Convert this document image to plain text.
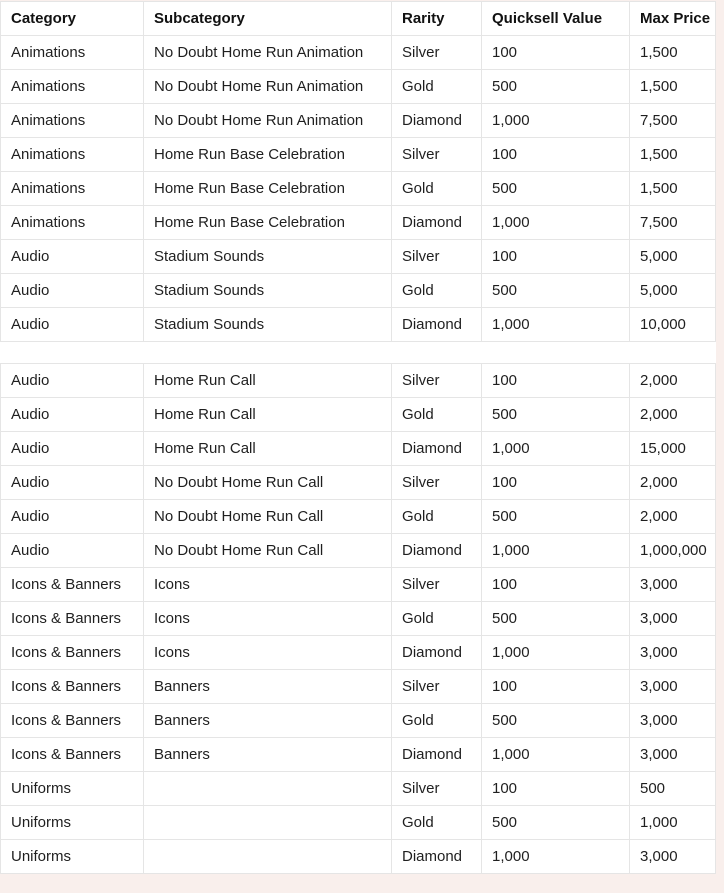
Category	Subcategory	Rarity	Quicksell Value	Max Price
Animations	No Doubt Home Run Animation	Silver	100	1,500
Animations	No Doubt Home Run Animation	Gold	500	1,500
Animations	No Doubt Home Run Animation	Diamond	1,000	7,500
Animations	Home Run Base Celebration	Silver	100	1,500
Animations	Home Run Base Celebration	Gold	500	1,500
Animations	Home Run Base Celebration	Diamond	1,000	7,500
Audio	Stadium Sounds	Silver	100	5,000
Audio	Stadium Sounds	Gold	500	5,000
Audio	Stadium Sounds	Diamond	1,000	10,000

Audio	Home Run Call	Silver	100	2,000
Audio	Home Run Call	Gold	500	2,000
Audio	Home Run Call	Diamond	1,000	15,000
Audio	No Doubt Home Run Call	Silver	100	2,000
Audio	No Doubt Home Run Call	Gold	500	2,000
Audio	No Doubt Home Run Call	Diamond	1,000	1,000,000
Icons & Banners	Icons	Silver	100	3,000
Icons & Banners	Icons	Gold	500	3,000
Icons & Banners	Icons	Diamond	1,000	3,000
Icons & Banners	Banners	Silver	100	3,000
Icons & Banners	Banners	Gold	500	3,000
Icons & Banners	Banners	Diamond	1,000	3,000
Uniforms		Silver	100	500
Uniforms		Gold	500	1,000
Uniforms		Diamond	1,000	3,000
